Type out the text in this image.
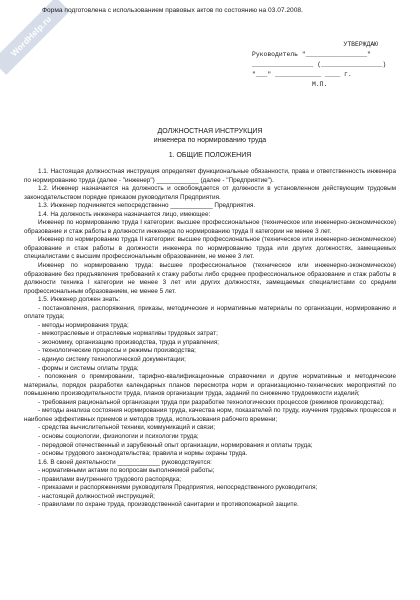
WordHelp.ru
Форма подготовлена с использованием правовых актов по состоянию на 03.07.2008.
УТВЕРЖДАЮ
Руководитель "________________"
________________ (________________)
"___" ____________ ____ г.
М.П.
ДОЛЖНОСТНАЯ ИНСТРУКЦИЯ
инженера по нормированию труда
1. ОБЩИЕ ПОЛОЖЕНИЯ

1.1. Настоящая должностная инструкция определяет функциональные обязанности, права и ответственность инженера по нормированию труда (далее - "инженер") ____________ (далее - "Предприятие").

1.2. Инженер назначается на должность и освобождается от должности в установленном действующим трудовым законодательством порядке приказом руководителя Предприятия.

1.3. Инженер подчиняется непосредственно ____________ Предприятия.

1.4. На должность инженера назначается лицо, имеющее:

Инженер по нормированию труда I категории: высшее профессиональное (техническое или инженерно-экономическое) образование и стаж работы в должности инженера по нормированию труда II категории не менее 3 лет.

Инженер по нормированию труда II категории: высшее профессиональное (техническое или инженерно-экономическое) образование и стаж работы в должности инженера по нормированию труда или других должностях, замещаемых специалистами с высшим профессиональным образованием, не менее 3 лет.

Инженер по нормированию труда: высшее профессиональное (техническое или инженерно-экономическое) образование без предъявления требований к стажу работы либо среднее профессиональное образование и стаж работы в должности техника I категории не менее 3 лет или других должностях, замещаемых специалистами со средним профессиональным образованием, не менее 5 лет.

1.5. Инженер должен знать:

- постановления, распоряжения, приказы, методические и нормативные материалы по организации, нормированию и оплате труда;

- методы нормирования труда;

- межотраслевые и отраслевые нормативы трудовых затрат;

- экономику, организацию производства, труда и управления;

- технологические процессы и режимы производства;

- единую систему технологической документации;

- формы и системы оплаты труда;

- положения о премировании, тарифно-квалификационные справочники и другие нормативные и методические материалы, порядок разработки календарных планов пересмотра норм и организационно-технических мероприятий по повышению производительности труда, планов организации труда, заданий по снижению трудоемкости изделий;

- требования рациональной организации труда при разработке технологических процессов (режимов производства);

- методы анализа состояния нормирования труда, качества норм, показателей по труду, изучения трудовых процессов и наиболее эффективных приемов и методов труда, использования рабочего времени;

- средства вычислительной техники, коммуникаций и связи;

- основы социологии, физиологии и психологии труда;

- передовой отечественный и зарубежный опыт организации, нормирования и оплаты труда;

- основы трудового законодательства; правила и нормы охраны труда.

1.6. В своей деятельности ____________ руководствуется:

- нормативными актами по вопросам выполняемой работы;

- правилами внутреннего трудового распорядка;

- приказами и распоряжениями руководителя Предприятия, непосредственного руководителя;

- настоящей должностной инструкцией;

- правилами по охране труда, производственной санитарии и противопожарной защите.
